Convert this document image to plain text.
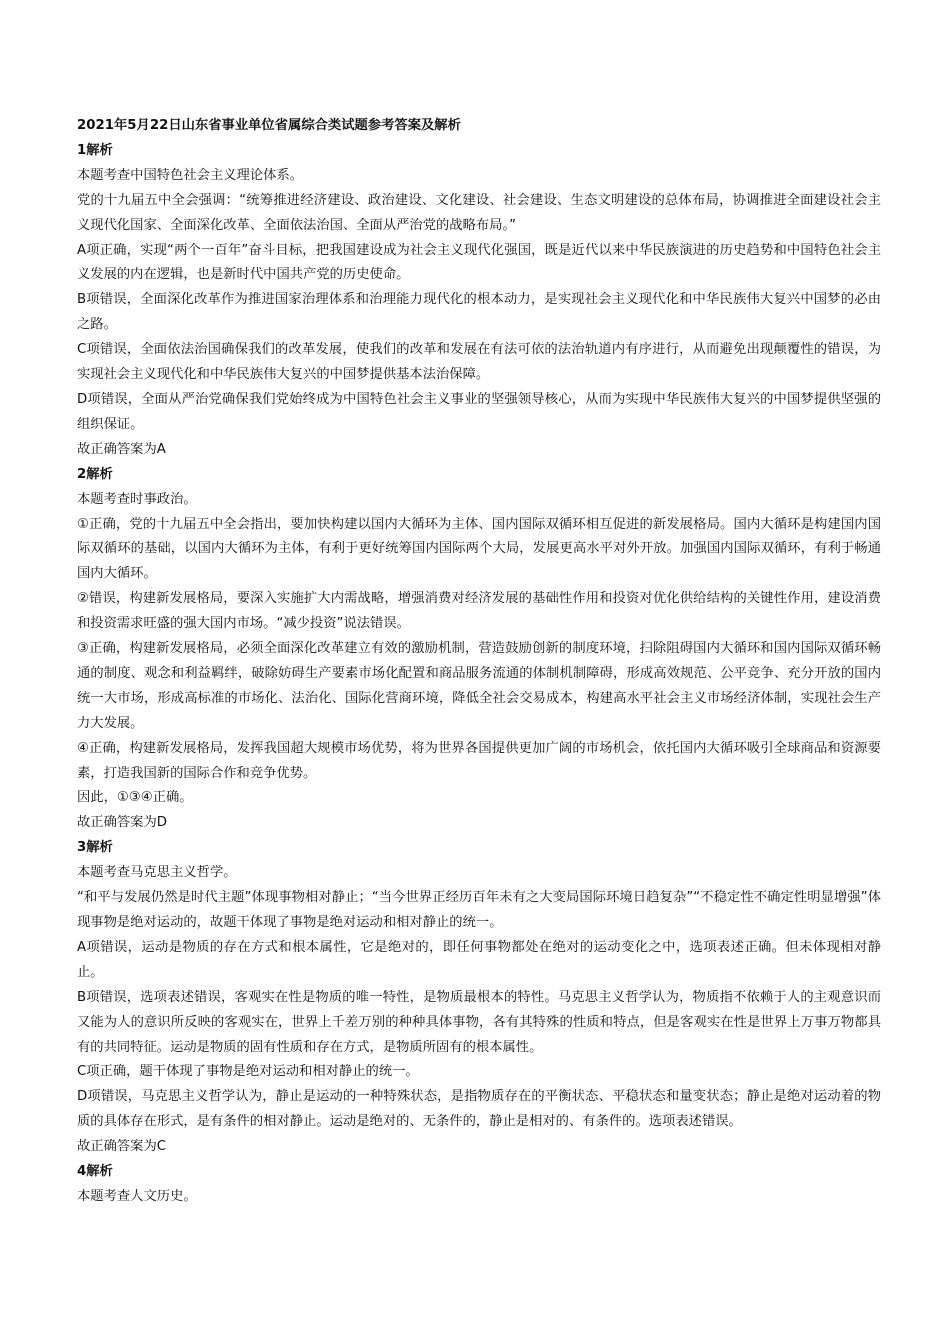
2021年5月22日山东省事业单位省属综合类试题参考答案及解析

1解析

本题考查中国特色社会主义理论体系。

党的十九届五中全会强调：“统筹推进经济建设、政治建设、文化建设、社会建设、生态文明建设的总体布局，协调推进全面建设社会主义现代化国家、全面深化改革、全面依法治国、全面从严治党的战略布局。”

A项正确，实现“两个一百年”奋斗目标，把我国建设成为社会主义现代化强国，既是近代以来中华民族演进的历史趋势和中国特色社会主义发展的内在逻辑，也是新时代中国共产党的历史使命。

B项错误，全面深化改革作为推进国家治理体系和治理能力现代化的根本动力，是实现社会主义现代化和中华民族伟大复兴中国梦的必由之路。

C项错误，全面依法治国确保我们的改革发展，使我们的改革和发展在有法可依的法治轨道内有序进行，从而避免出现颠覆性的错误，为实现社会主义现代化和中华民族伟大复兴的中国梦提供基本法治保障。

D项错误，全面从严治党确保我们党始终成为中国特色社会主义事业的坚强领导核心，从而为实现中华民族伟大复兴的中国梦提供坚强的组织保证。

故正确答案为A

2解析

本题考查时事政治。

①正确，党的十九届五中全会指出，要加快构建以国内大循环为主体、国内国际双循环相互促进的新发展格局。国内大循环是构建国内国际双循环的基础，以国内大循环为主体，有利于更好统筹国内国际两个大局，发展更高水平对外开放。加强国内国际双循环，有利于畅通国内大循环。

②错误，构建新发展格局，要深入实施扩大内需战略，增强消费对经济发展的基础性作用和投资对优化供给结构的关键性作用，建设消费和投资需求旺盛的强大国内市场。“减少投资”说法错误。

③正确，构建新发展格局，必须全面深化改革建立有效的激励机制，营造鼓励创新的制度环境，扫除阻碍国内大循环和国内国际双循环畅通的制度、观念和利益羁绊，破除妨碍生产要素市场化配置和商品服务流通的体制机制障碍，形成高效规范、公平竞争、充分开放的国内统一大市场，形成高标准的市场化、法治化、国际化营商环境，降低全社会交易成本，构建高水平社会主义市场经济体制，实现社会生产力大发展。

④正确，构建新发展格局，发挥我国超大规模市场优势，将为世界各国提供更加广阔的市场机会，依托国内大循环吸引全球商品和资源要素，打造我国新的国际合作和竞争优势。

因此，①③④正确。

故正确答案为D

3解析

本题考查马克思主义哲学。

“和平与发展仍然是时代主题”体现事物相对静止；“当今世界正经历百年未有之大变局国际环境日趋复杂”“不稳定性不确定性明显增强”体现事物是绝对运动的，故题干体现了事物是绝对运动和相对静止的统一。

A项错误，运动是物质的存在方式和根本属性，它是绝对的，即任何事物都处在绝对的运动变化之中，选项表述正确。但未体现相对静止。

B项错误，选项表述错误，客观实在性是物质的唯一特性，是物质最根本的特性。马克思主义哲学认为，物质指不依赖于人的主观意识而又能为人的意识所反映的客观实在，世界上千差万别的种种具体事物，各有其特殊的性质和特点，但是客观实在性是世界上万事万物都具有的共同特征。运动是物质的固有性质和存在方式，是物质所固有的根本属性。

C项正确，题干体现了事物是绝对运动和相对静止的统一。

D项错误，马克思主义哲学认为，静止是运动的一种特殊状态，是指物质存在的平衡状态、平稳状态和量变状态；静止是绝对运动着的物质的具体存在形式，是有条件的相对静止。运动是绝对的、无条件的，静止是相对的、有条件的。选项表述错误。

故正确答案为C

4解析

本题考查人文历史。
